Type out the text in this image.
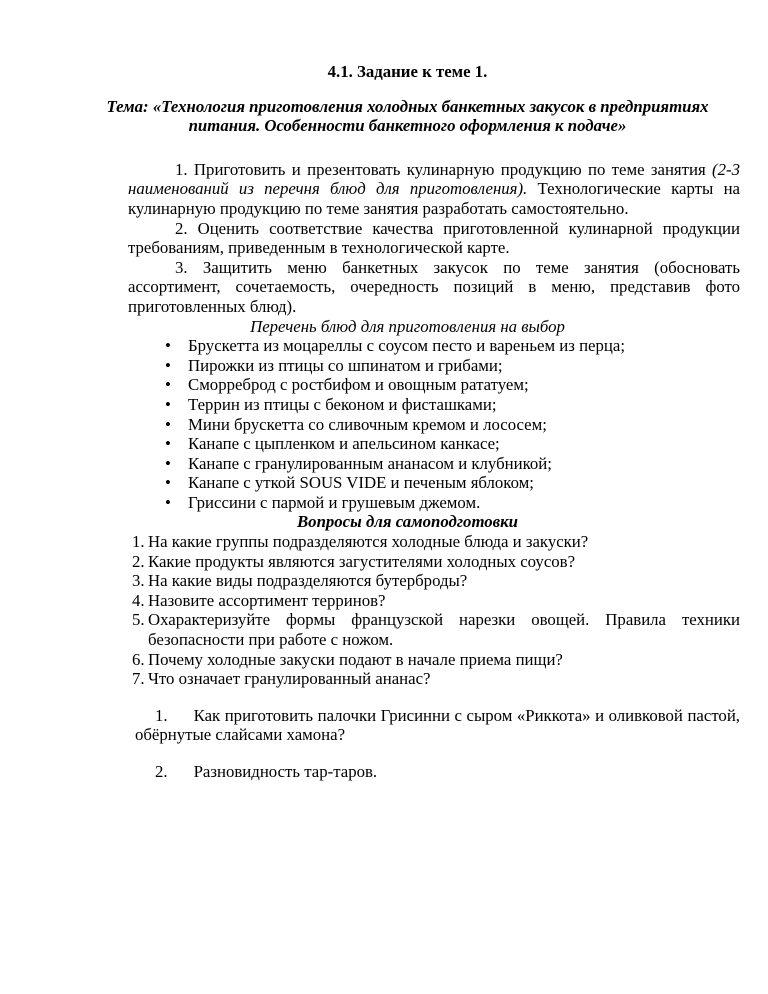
4.1. Задание к теме 1.
Тема: «Технология приготовления холодных банкетных закусок в предприятиях питания. Особенности банкетного оформления к подаче»

1. Приготовить и презентовать кулинарную продукцию по теме занятия (2-3 наименований из перечня блюд для приготовления). Технологические карты на кулинарную продукцию по теме занятия разработать самостоятельно.

2. Оценить соответствие качества приготовленной кулинарной продукции требованиям, приведенным в технологической карте.

3. Защитить меню банкетных закусок по теме занятия (обосновать ассортимент, сочетаемость, очередность позиций в меню, представив фото приготовленных блюд).

Перечень блюд для приготовления на выбор
• Брускетта из моцареллы с соусом песто и вареньем из перца;
• Пирожки из птицы со шпинатом и грибами;
• Сморреброд с ростбифом и овощным рататуем;
• Террин из птицы с беконом и фисташками;
• Мини брускетта со сливочным кремом и лососем;
• Канапе с цыпленком и апельсином канкасе;
• Канапе с гранулированным ананасом и клубникой;
• Канапе с уткой SOUS VIDE и печеным яблоком;
• Гриссини с пармой и грушевым джемом.
Вопросы для самоподготовки
1. На какие группы подразделяются холодные блюда и закуски?
2. Какие продукты являются загустителями холодных соусов?
3. На какие виды подразделяются бутерброды?
4. Назовите ассортимент терринов?
5. Охарактеризуйте формы французской нарезки овощей. Правила техники безопасности при работе с ножом.
6. Почему холодные закуски подают в начале приема пищи?
7. Что означает гранулированный ананас?

1. Как приготовить палочки Грисинни с сыром «Риккота» и оливковой пастой, обёрнутые слайсами хамона?

2. Разновидность тар-таров.
